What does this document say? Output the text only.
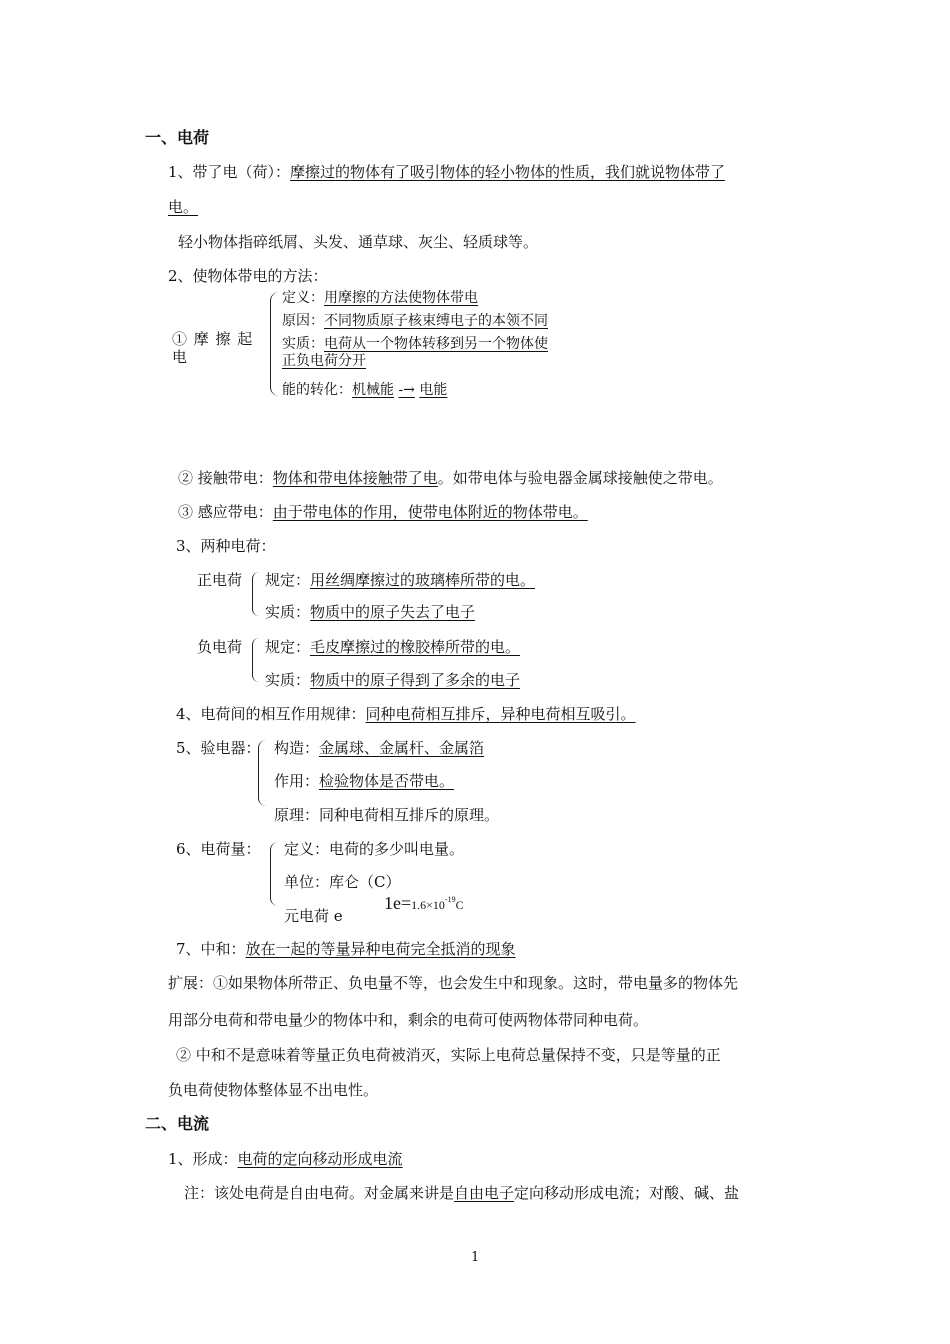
一、电荷
1、带了电（荷）：摩擦过的物体有了吸引物体的轻小物体的性质，我们就说物体带了
电。
轻小物体指碎纸屑、头发、通草球、灰尘、轻质球等。
2、使物体带电的方法：
① 摩 擦 起
电
定义：用摩擦的方法使物体带电
原因：不同物质原子核束缚电子的本领不同
实质：电荷从一个物体转移到另一个物体使
正负电荷分开
能的转化：机械能 -→ 电能
② 接触带电：物体和带电体接触带了电。如带电体与验电器金属球接触使之带电。
③ 感应带电：由于带电体的作用，使带电体附近的物体带电。
3、两种电荷：
正电荷 规定：用丝绸摩擦过的玻璃棒所带的电。
实质：物质中的原子失去了电子
负电荷 规定：毛皮摩擦过的橡胶棒所带的电。
实质：物质中的原子得到了多余的电子
4、电荷间的相互作用规律：同种电荷相互排斥，异种电荷相互吸引。
5、验电器： 构造：金属球、金属杆、金属箔
作用：检验物体是否带电。
原理：同种电荷相互排斥的原理。
6、电荷量： 定义：电荷的多少叫电量。
单位：库仑（C）
元电荷 e
$1e=1.6\times 10^{-19}C$
7、中和：放在一起的等量异种电荷完全抵消的现象
扩展：①如果物体所带正、负电量不等，也会发生中和现象。这时，带电量多的物体先
用部分电荷和带电量少的物体中和，剩余的电荷可使两物体带同种电荷。
② 中和不是意味着等量正负电荷被消灭，实际上电荷总量保持不变，只是等量的正
负电荷使物体整体显不出电性。
二、电流
1、形成：电荷的定向移动形成电流
注：该处电荷是自由电荷。对金属来讲是自由电子定向移动形成电流；对酸、碱、盐
1
